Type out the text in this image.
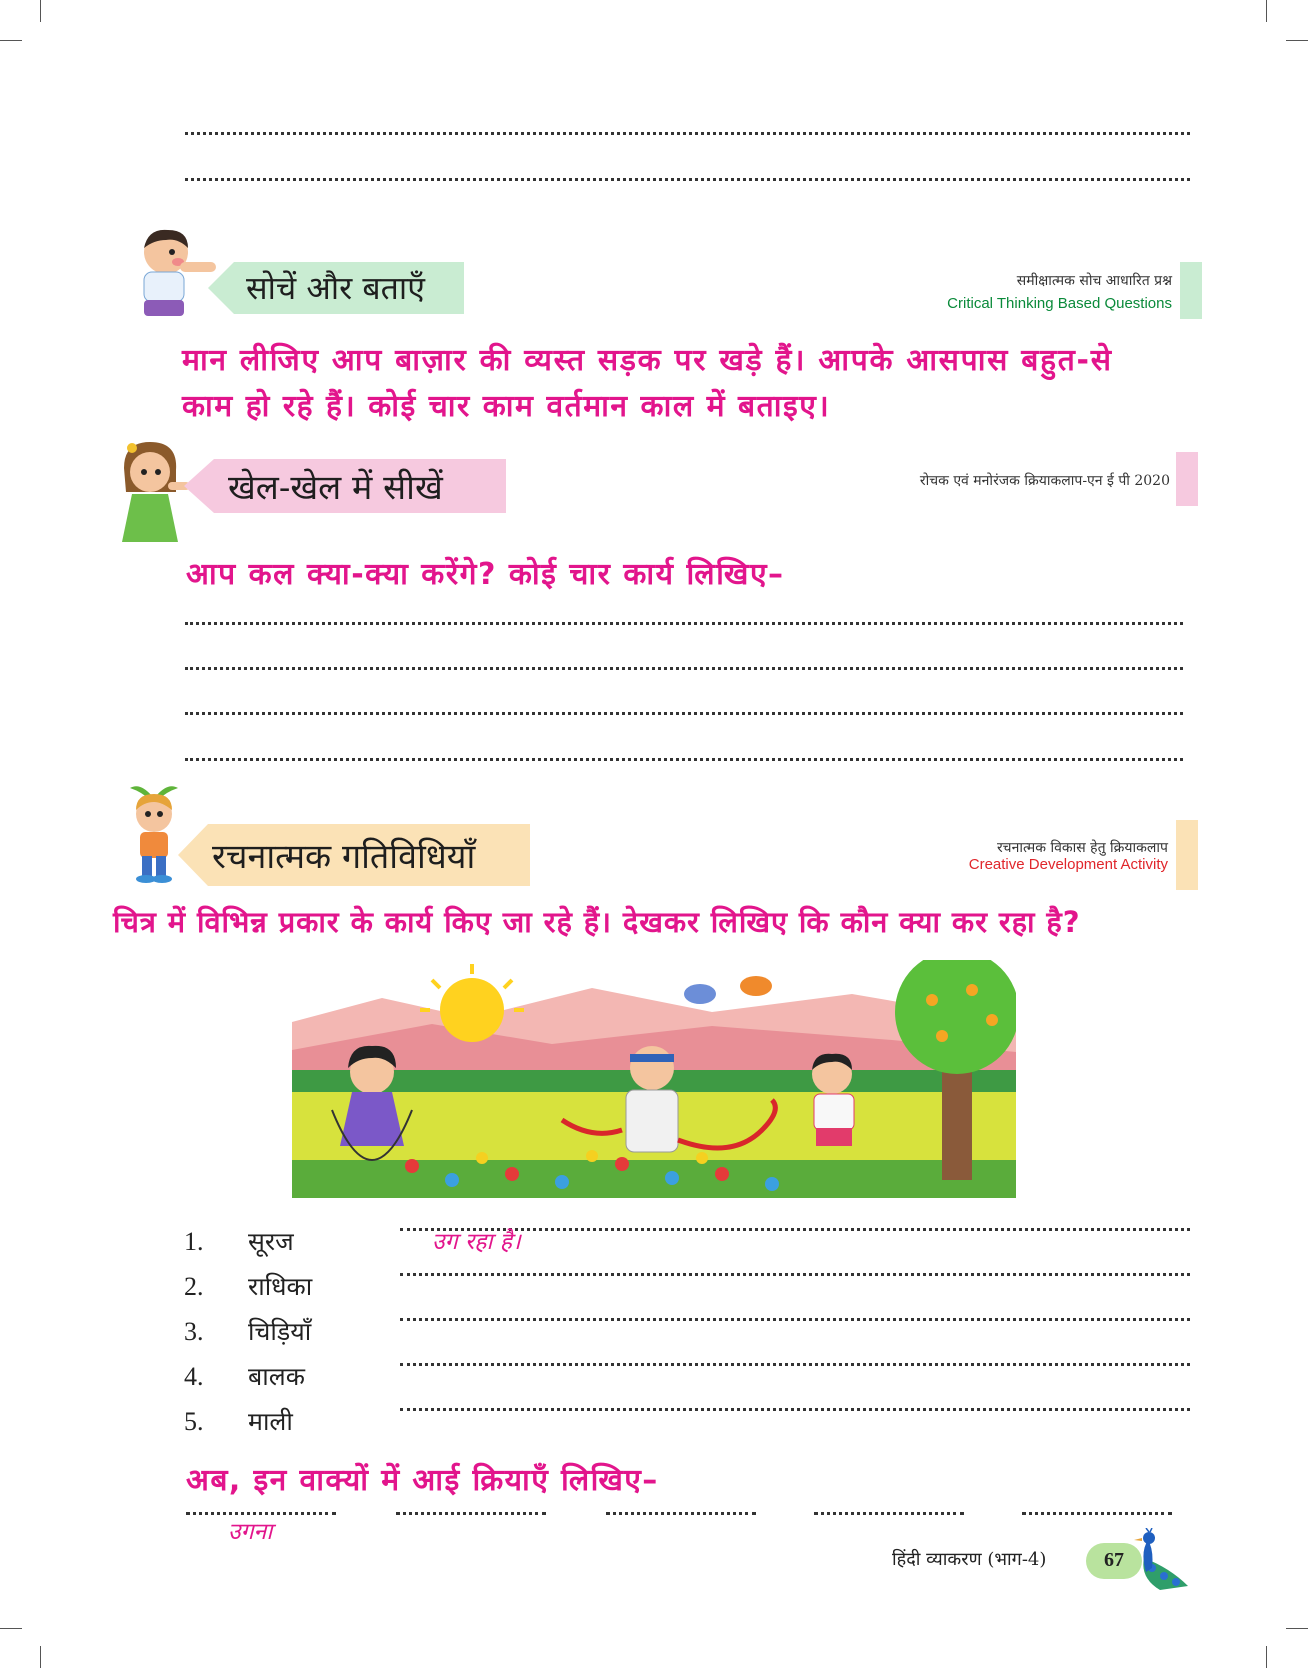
सोचें और बताएँ	समीक्षात्मक सोच आधारित प्रश्न
Critical Thinking Based Questions
मान लीजिए आप बाज़ार की व्यस्त सड़क पर खड़े हैं। आपके आसपास बहुत-से
काम हो रहे हैं। कोई चार काम वर्तमान काल में बताइए।
खेल-खेल में सीखें	रोचक एवं मनोरंजक क्रियाकलाप-एन ई पी 2020
आप कल क्या-क्या करेंगे? कोई चार कार्य लिखिए–
रचनात्मक गतिविधियाँ	रचनात्मक विकास हेतु क्रियाकलाप
Creative Development Activity
चित्र में विभिन्न प्रकार के कार्य किए जा रहे हैं। देखकर लिखिए कि कौन क्या कर रहा है?
1. सूरज	उग रहा है।
2. राधिका
3. चिड़ियाँ
4. बालक
5. माली
अब, इन वाक्यों में आई क्रियाएँ लिखिए–
उगना
हिंदी व्याकरण (भाग-4)	67
